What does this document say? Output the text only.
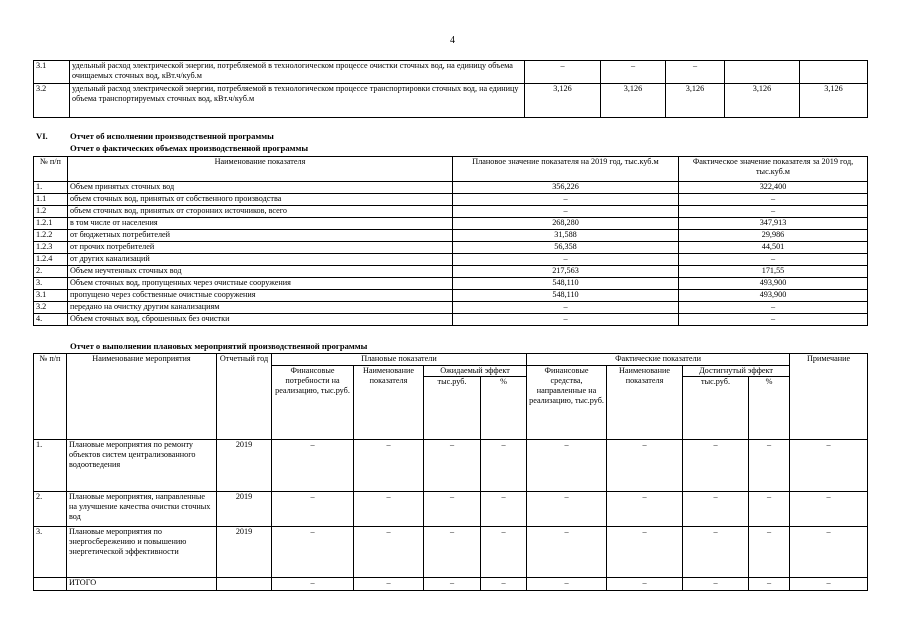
4
3.1	удельный расход электрической энергии, потребляемой в технологическом процессе очистки сточных вод, на единицу объема очищаемых сточных вод, кВт.ч/куб.м	–	–	–		
3.2	удельный расход электрической энергии, потребляемой в технологическом процессе транспортировки сточных вод, на единицу объема транспортируемых сточных вод, кВт.ч/куб.м	3,126	3,126	3,126	3,126	3,126
VI.	Отчет об исполнении производственной программы
Отчет о фактических объемах производственной программы
№ п/п	Наименование показателя	Плановое значение показателя на 2019 год, тыс.куб.м	Фактическое значение показателя за 2019 год, тыс.куб.м
1.	Объем принятых сточных вод	356,226	322,400
1.1	объем сточных вод, принятых от собственного производства	–	–
1.2	объем сточных вод, принятых от сторонних источников, всего	–	–
1.2.1	в том числе от населения	268,280	347,913
1.2.2	от бюджетных потребителей	31,588	29,986
1.2.3	от прочих потребителей	56,358	44,501
1.2.4	от других канализаций	–	–
2.	Объем неучтенных сточных вод	217,563	171,55
3.	Объем сточных вод, пропущенных через очистные сооружения	548,110	493,900
3.1	пропущено через собственные очистные сооружения	548,110	493,900
3.2	передано на очистку другим канализациям	–	–
4.	Объем сточных вод, сброшенных без очистки	–	–
Отчет о выполнении плановых мероприятий производственной программы
№ п/п	Наименование мероприятия	Отчетный год	Плановые показатели				Фактические показатели				Примечание	
			Финансовые потребности на реализацию, тыс.руб.	Наименование показателя	Ожидаемый эффект		Финансовые средства, направленные на реализацию, тыс.руб.	Наименование показателя	Достигнутый эффект			
					тыс.руб.	%			тыс.руб.	%		
1.	Плановые мероприятия по ремонту объектов систем централизованного водоотведения	2019	–	–	–	–	–	–	–	–	–	
2.	Плановые мероприятия, направленные на улучшение качества очистки сточных вод	2019	–	–	–	–	–	–	–	–	–	
3.	Плановые мероприятия по энергосбережению и повышению энергетической эффективности	2019	–	–	–	–	–	–	–	–	–	
	ИТОГО		–	–	–	–	–	–	–	–	–	
